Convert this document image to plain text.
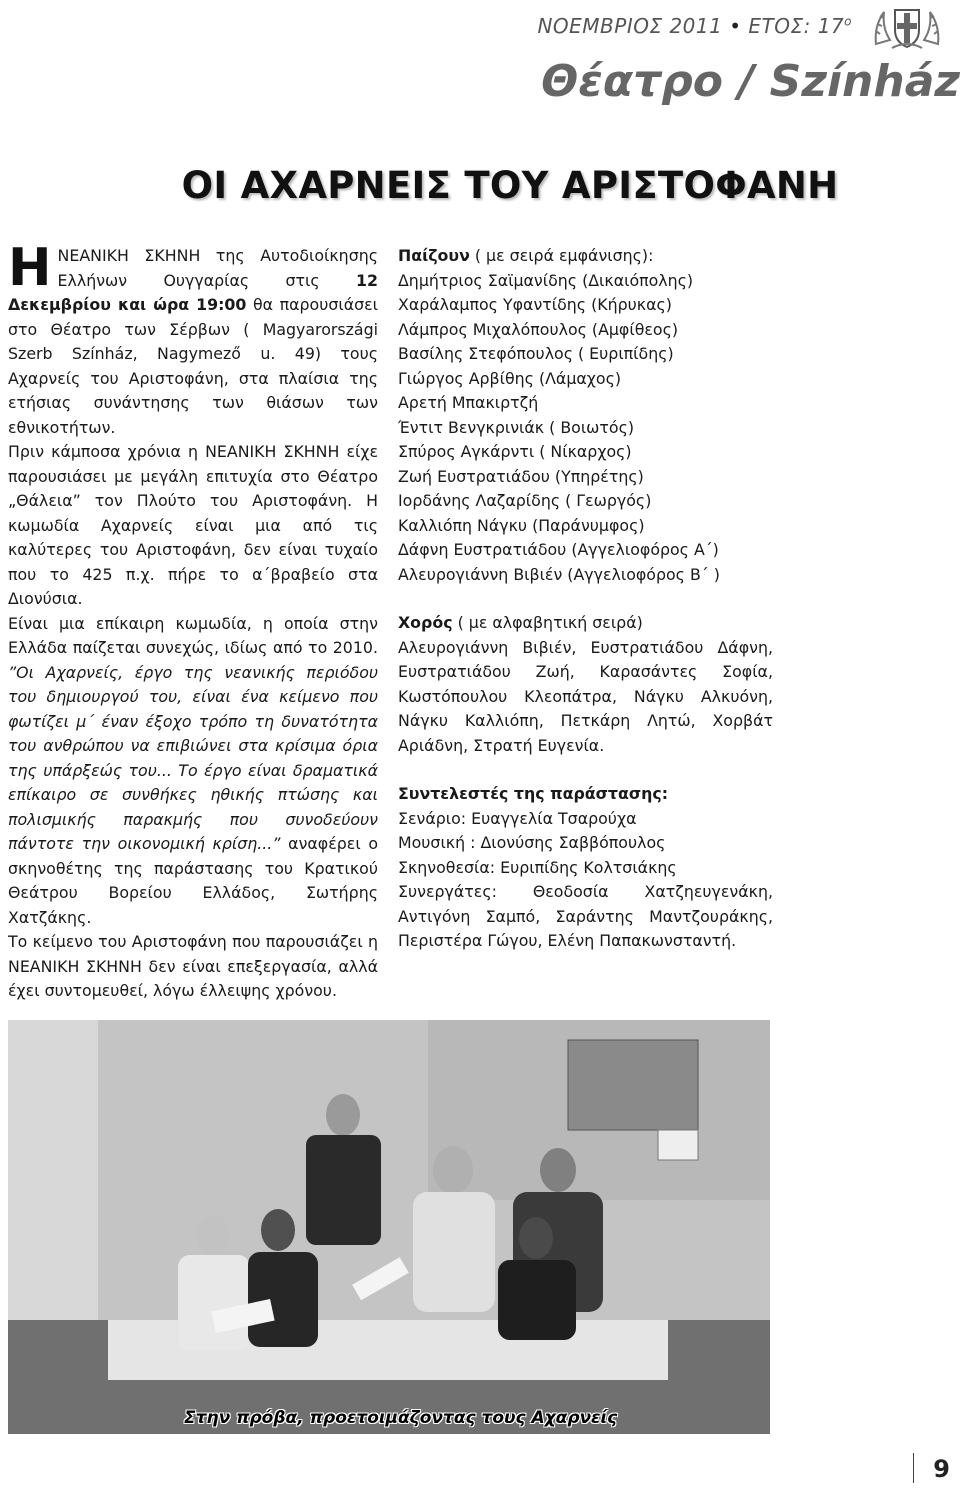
ΝΟΕΜΒΡΙΟΣ 2011 • ΕΤΟΣ: $17^o$
Θέατρο / Színház
ΟΙ ΑΧΑΡΝΕΙΣ ΤΟΥ ΑΡΙΣΤΟΦΑΝΗ

ΗΝΕΑΝΙΚΗ ΣΚΗΝΗ της Αυτοδιοίκησης Ελλήνων Ουγγαρίας στις 12 Δεκεμβρίου και ώρα 19:00 θα παρουσιάσει στο Θέατρο των Σέρβων ( Magyarországi Szerb Színház, Nagymező u. 49) τους Αχαρνείς του Αριστοφάνη, στα πλαίσια της ετήσιας συνάντησης των θιάσων των εθνικοτήτων.

Πριν κάμποσα χρόνια η ΝΕΑΝΙΚΗ ΣΚΗΝΗ είχε παρουσιάσει με μεγάλη επιτυχία στο Θέατρο „Θάλεια” τον Πλούτο του Αριστοφάνη. Η κωμωδία Αχαρνείς είναι μια από τις καλύτερες του Αριστοφάνη, δεν είναι τυχαίο που το 425 π.χ. πήρε το α΄βραβείο στα Διονύσια.

Είναι μια επίκαιρη κωμωδία, η οποία στην Ελλάδα παίζεται συνεχώς, ιδίως από το 2010. ”Οι Αχαρνείς, έργο της νεανικής περιόδου του δημιουργού του, είναι ένα κείμενο που φωτίζει μ΄ έναν έξοχο τρόπο τη δυνατότητα του ανθρώπου να επιβιώνει στα κρίσιμα όρια της υπάρξεώς του... Το έργο είναι δραματικά επίκαιρο σε συνθήκες ηθικής πτώσης και πολισμικής παρακμής που συνοδεύουν πάντοτε την οικονομική κρίση...” αναφέρει ο σκηνοθέτης της παράστασης του Κρατικού Θεάτρου Βορείου Ελλάδος, Σωτήρης Χατζάκης.

Το κείμενο του Αριστοφάνη που παρουσιάζει η ΝΕΑΝΙΚΗ ΣΚΗΝΗ δεν είναι επεξεργασία, αλλά έχει συντομευθεί, λόγω έλλειψης χρόνου.

Παίζουν ( με σειρά εμφάνισης):
Δημήτριος Σαϊμανίδης (Δικαιόπολης)
Χαράλαμπος Υφαντίδης (Κήρυκας)
Λάμπρος Μιχαλόπουλος (Αμφίθεος)
Βασίλης Στεφόπουλος ( Ευριπίδης)
Γιώργος Αρβίθης (Λάμαχος)
Αρετή Μπακιρτζή
Έντιτ Βενγκρινιάκ ( Βοιωτός)
Σπύρος Αγκάρντι ( Νίκαρχος)
Ζωή Ευστρατιάδου (Υπηρέτης)
Ιορδάνης Λαζαρίδης ( Γεωργός)
Καλλιόπη Νάγκυ (Παράνυμφος)
Δάφνη Ευστρατιάδου (Αγγελιοφόρος Α΄)
Αλευρογιάννη Βιβιέν (Αγγελιοφόρος Β΄ )
Χορός ( με αλφαβητική σειρά)

Αλευρογιάννη Βιβιέν, Ευστρατιάδου Δάφνη, Ευστρατιάδου Ζωή, Καρασάντες Σοφία, Κωστόπουλου Κλεοπάτρα, Νάγκυ Αλκυόνη, Νάγκυ Καλλιόπη, Πετκάρη Λητώ, Χορβάτ Αριάδνη, Στρατή Ευγενία.

Συντελεστές της παράστασης:
Σενάριο: Ευαγγελία Τσαρούχα
Μουσική : Διονύσης Σαββόπουλος
Σκηνοθεσία: Ευριπίδης Κολτσιάκης

Συνεργάτες: Θεοδοσία Χατζηευγενάκη, Αντιγόνη Σαμπό, Σαράντης Μαντζουράκης, Περιστέρα Γώγου, Ελένη Παπακωνσταντή.

Στην πρόβα, προετοιμάζοντας τους Αχαρνείς
9
